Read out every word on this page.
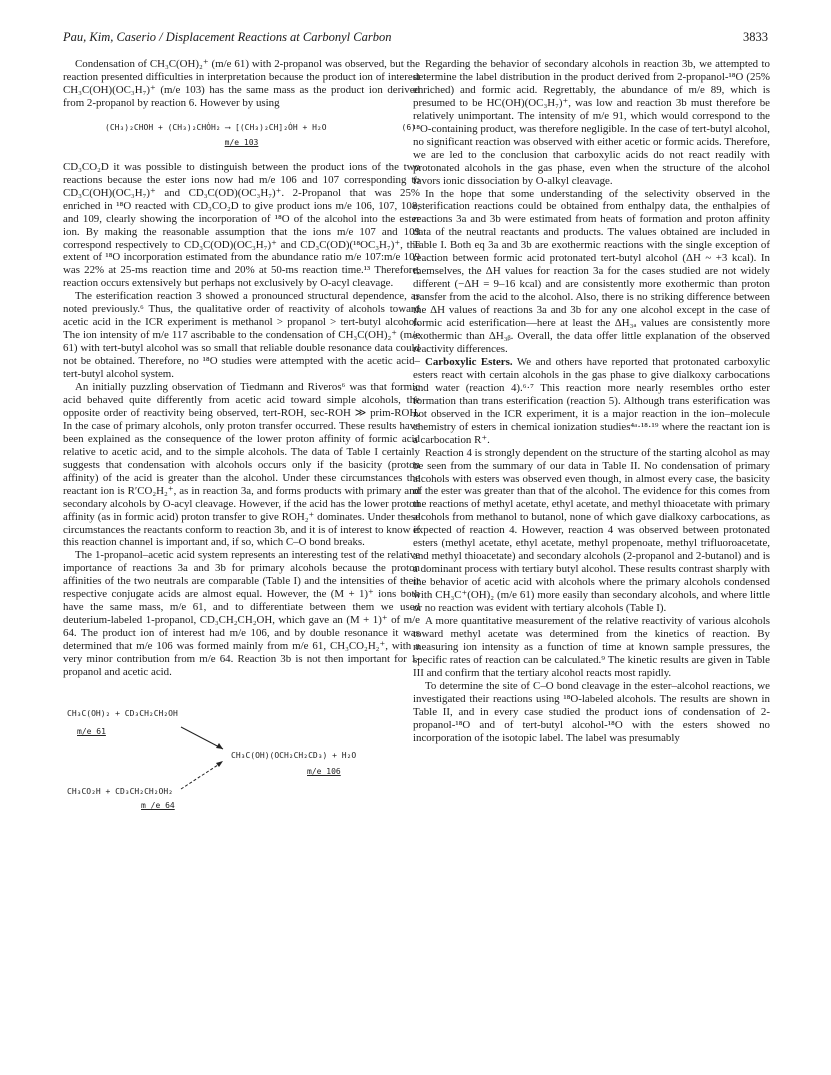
Pau, Kim, Caserio / Displacement Reactions at Carbonyl Carbon	3833

Condensation of CH₃C(OH)₂⁺ (m/e 61) with 2-propanol was observed, but the reaction presented difficulties in interpretation because the product ion of interest CH₃C(OH)(OC₃H₇)⁺ (m/e 103) has the same mass as the product ion derived from 2-propanol by reaction 6. However by using

(CH₃)₂CHOH + (CH₃)₂CHȮH₂ ⟶ [(CH₃)₂CH]₂ȮH + H₂O	(6)
m/e 103

CD₃CO₂D it was possible to distinguish between the product ions of the two reactions because the ester ions now had m/e 106 and 107 corresponding to CD₃C(OH)(OC₃H₇)⁺ and CD₃C(OD)(OC₃H₇)⁺. 2-Propanol that was 25% enriched in ¹⁸O reacted with CD₃CO₂D to give product ions m/e 106, 107, 108, and 109, clearly showing the incorporation of ¹⁸O of the alcohol into the ester ion. By making the reasonable assumption that the ions m/e 107 and 109 correspond respectively to CD₃C(OD)(OC₃H₇)⁺ and CD₃C(OD)(¹⁸OC₃H₇)⁺, the extent of ¹⁸O incorporation estimated from the abundance ratio m/e 107:m/e 109 was 22% at 25-ms reaction time and 20% at 50-ms reaction time.¹³ Therefore, reaction occurs extensively but perhaps not exclusively by O-acyl cleavage.

The esterification reaction 3 showed a pronounced structural dependence, as noted previously.⁶ Thus, the qualitative order of reactivity of alcohols toward acetic acid in the ICR experiment is methanol > propanol > tert-butyl alcohol. The ion intensity of m/e 117 ascribable to the condensation of CH₃C(OH)₂⁺ (m/e 61) with tert-butyl alcohol was so small that reliable double resonance data could not be obtained. Therefore, no ¹⁸O studies were attempted with the acetic acid–tert-butyl alcohol system.

An initially puzzling observation of Tiedmann and Riveros⁶ was that formic acid behaved quite differently from acetic acid toward simple alcohols, the opposite order of reactivity being observed, tert-ROH, sec-ROH ≫ prim-ROH. In the case of primary alcohols, only proton transfer occurred. These results have been explained as the consequence of the lower proton affinity of formic acid relative to acetic acid, and to the simple alcohols. The data of Table I certainly suggests that condensation with alcohols occurs only if the basicity (proton affinity) of the acid is greater than the alcohol. Under these circumstances the reactant ion is R′CO₂H₂⁺, as in reaction 3a, and forms products with primary and secondary alcohols by O-acyl cleavage. However, if the acid has the lower proton affinity (as in formic acid) proton transfer to give ROH₂⁺ dominates. Under these circumstances the reactants conform to reaction 3b, and it is of interest to know if this reaction channel is important and, if so, which C–O bond breaks.

The 1-propanol–acetic acid system represents an interesting test of the relative importance of reactions 3a and 3b for primary alcohols because the proton affinities of the two neutrals are comparable (Table I) and the intensities of their respective conjugate acids are almost equal. However, the (M + 1)⁺ ions both have the same mass, m/e 61, and to differentiate between them we used deuterium-labeled 1-propanol, CD₃CH₂CH₂OH, which gave an (M + 1)⁺ of m/e 64. The product ion of interest had m/e 106, and by double resonance it was determined that m/e 106 was formed mainly from m/e 61, CH₃CO₂H₂⁺, with a very minor contribution from m/e 64. Reaction 3b is not then important for 1-propanol and acetic acid.

CH₃C(OH)₂ + CD₃CH₂CH₂OH
m/e 61
CH₃C(OH)(OCH₂CH₂CD₃) + H₂O
m/e 106
CH₃CO₂H + CD₃CH₂CH₂OH₂
m /e 64

Regarding the behavior of secondary alcohols in reaction 3b, we attempted to determine the label distribution in the product derived from 2-propanol-¹⁸O (25% enriched) and formic acid. Regrettably, the abundance of m/e 89, which is presumed to be HC(OH)(OC₃H₇)⁺, was low and reaction 3b must therefore be relatively unimportant. The intensity of m/e 91, which would correspond to the ¹⁸O-containing product, was therefore negligible. In the case of tert-butyl alcohol, no significant reaction was observed with either acetic or formic acids. Therefore, we are led to the conclusion that carboxylic acids do not react readily with protonated alcohols in the gas phase, even when the structure of the alcohol favors ionic dissociation by O-alkyl cleavage.

In the hope that some understanding of the selectivity observed in the esterification reactions could be obtained from enthalpy data, the enthalpies of reactions 3a and 3b were estimated from heats of formation and proton affinity data of the neutral reactants and products. The values obtained are included in Table I. Both eq 3a and 3b are exothermic reactions with the single exception of reaction between formic acid protonated tert-butyl alcohol (ΔH ~ +3 kcal). In themselves, the ΔH values for reaction 3a for the cases studied are not widely different (−ΔH = 9–16 kcal) and are consistently more exothermic than proton transfer from the acid to the alcohol. Also, there is no striking difference between the ΔH values of reactions 3a and 3b for any one alcohol except in the case of formic acid esterification—here at least the ΔH₃ₐ values are consistently more exothermic than ΔH₃ᵦ. Overall, the data offer little explanation of the observed reactivity differences.

Carboxylic Esters. We and others have reported that protonated carboxylic esters react with certain alcohols in the gas phase to give dialkoxy carbocations and water (reaction 4).⁶·⁷ This reaction more nearly resembles ortho ester formation than trans esterification (reaction 5). Although trans esterification was not observed in the ICR experiment, it is a major reaction in the ion–molecule chemistry of esters in chemical ionization studies⁴ᵃ·¹⁸·¹⁹ where the reactant ion is a carbocation R⁺.

Reaction 4 is strongly dependent on the structure of the starting alcohol as may be seen from the summary of our data in Table II. No condensation of primary alcohols with esters was observed even though, in almost every case, the basicity of the ester was greater than that of the alcohol. The evidence for this comes from the reactions of methyl acetate, ethyl acetate, and methyl thioacetate with primary alcohols from methanol to butanol, none of which gave dialkoxy carbocations, as expected of reaction 4. However, reaction 4 was observed between protonated esters (methyl acetate, ethyl acetate, methyl propenoate, methyl trifluoroacetate, and methyl thioacetate) and secondary alcohols (2-propanol and 2-butanol) and is a dominant process with tertiary butyl alcohol. These results contrast sharply with the behavior of acetic acid with alcohols where the primary alcohols condensed with CH₃C⁺(OH)₂ (m/e 61) more easily than secondary alcohols, and where little or no reaction was evident with tertiary alcohols (Table I).

A more quantitative measurement of the relative reactivity of various alcohols toward methyl acetate was determined from the kinetics of reaction. By measuring ion intensity as a function of time at known sample pressures, the specific rates of reaction can be calculated.⁹ The kinetic results are given in Table III and confirm that the tertiary alcohol reacts most rapidly.

To determine the site of C–O bond cleavage in the ester–alcohol reactions, we investigated their reactions using ¹⁸O-labeled alcohols. The results are shown in Table II, and in every case studied the product ions of condensation of 2-propanol-¹⁸O and of tert-butyl alcohol-¹⁸O with the esters showed no incorporation of the isotopic label. The label was presumably
